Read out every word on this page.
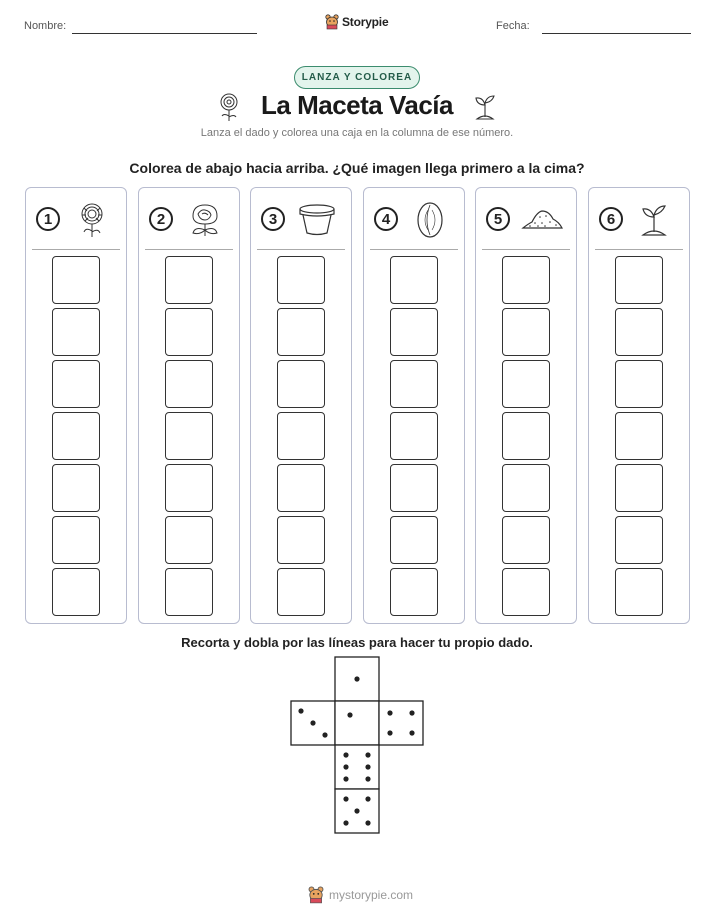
Nombre:	Storypie	Fecha:
LANZA Y COLOREA
La Maceta Vacía
Lanza el dado y colorea una caja en la columna de ese número.
Colorea de abajo hacia arriba. ¿Qué imagen llega primero a la cima?
1	2	3	4	5	6
Recorta y dobla por las líneas para hacer tu propio dado.
mystorypie.com
